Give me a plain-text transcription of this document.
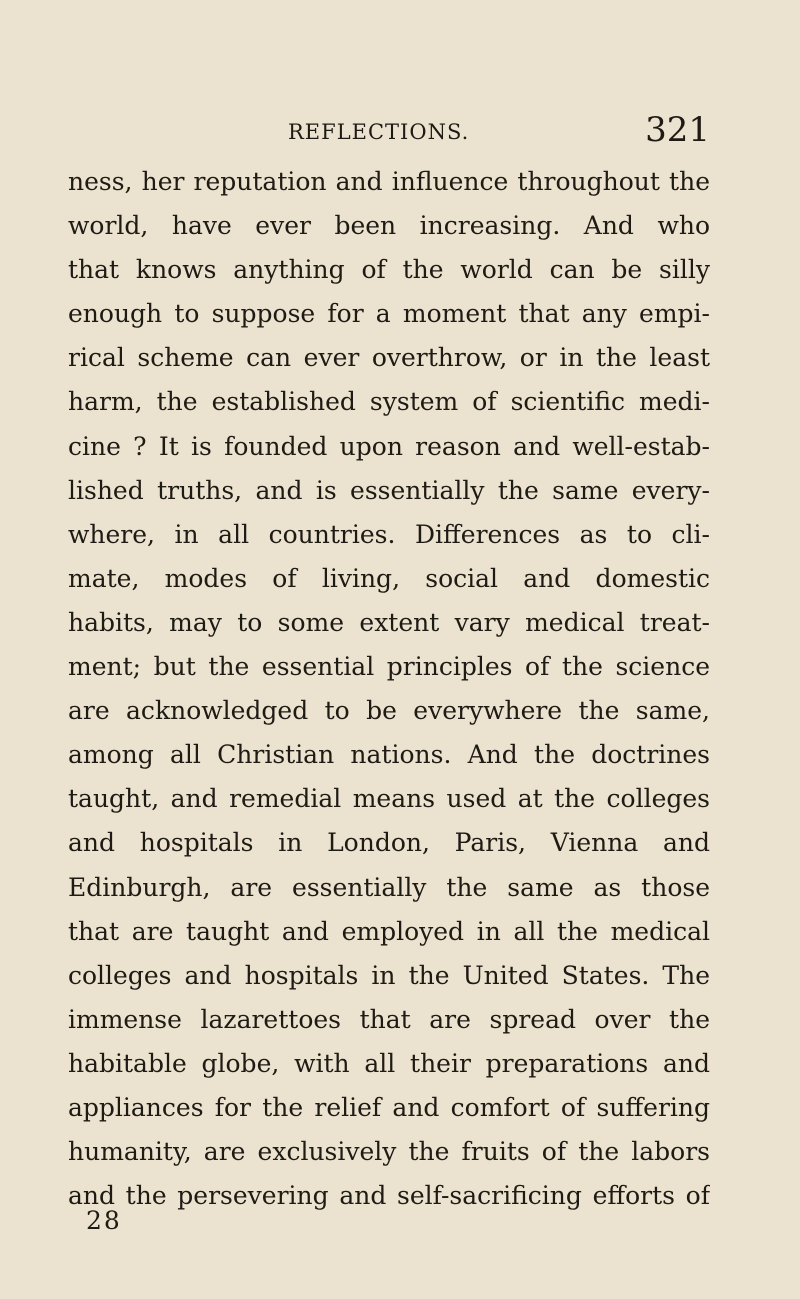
REFLECTIONS.	321
ness, her reputation and influence throughout the
world, have ever been increasing. And who
that knows anything of the world can be silly
enough to suppose for a moment that any empi-
rical scheme can ever overthrow, or in the least
harm, the established system of scientific medi-
cine ? It is founded upon reason and well-estab-
lished truths, and is essentially the same every-
where, in all countries. Differences as to cli-
mate, modes of living, social and domestic
habits, may to some extent vary medical treat-
ment; but the essential principles of the science
are acknowledged to be everywhere the same,
among all Christian nations. And the doctrines
taught, and remedial means used at the colleges
and hospitals in London, Paris, Vienna and
Edinburgh, are essentially the same as those
that are taught and employed in all the medical
colleges and hospitals in the United States. The
immense lazarettoes that are spread over the
habitable globe, with all their preparations and
appliances for the relief and comfort of suffering
humanity, are exclusively the fruits of the labors
and the persevering and self-sacrificing efforts of
28
